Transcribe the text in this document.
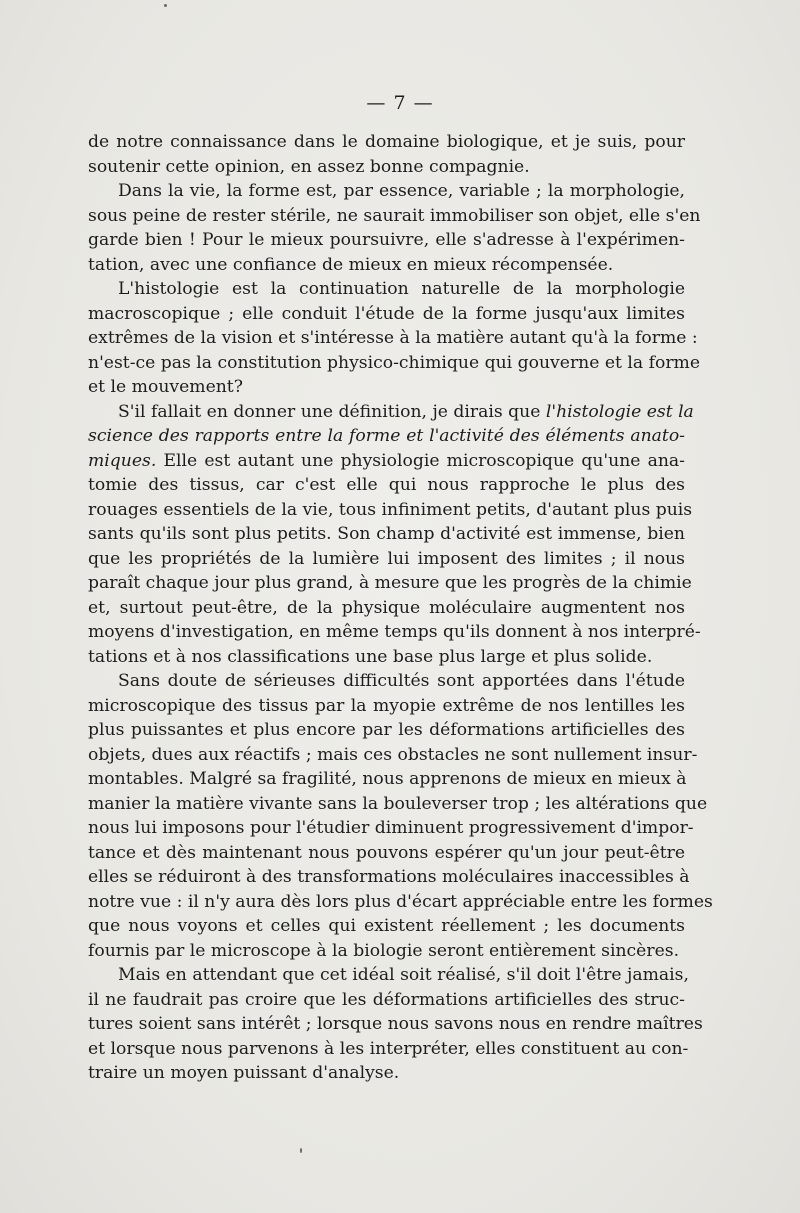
— 7 —
de notre connaissance dans le domaine biologique, et je suis, pour
soutenir cette opinion, en assez bonne compagnie.
Dans la vie, la forme est, par essence, variable ; la morphologie,
sous peine de rester stérile, ne saurait immobiliser son objet, elle s'en
garde bien ! Pour le mieux poursuivre, elle s'adresse à l'expérimen-
tation, avec une confiance de mieux en mieux récompensée.
L'histologie est la continuation naturelle de la morphologie
macroscopique ; elle conduit l'étude de la forme jusqu'aux limites
extrêmes de la vision et s'intéresse à la matière autant qu'à la forme :
n'est-ce pas la constitution physico-chimique qui gouverne et la forme
et le mouvement?
S'il fallait en donner une définition, je dirais que l'histologie est la
science des rapports entre la forme et l'activité des éléments anato-
miques. Elle est autant une physiologie microscopique qu'une ana-
tomie des tissus, car c'est elle qui nous rapproche le plus des
rouages essentiels de la vie, tous infiniment petits, d'autant plus puis
sants qu'ils sont plus petits. Son champ d'activité est immense, bien
que les propriétés de la lumière lui imposent des limites ; il nous
paraît chaque jour plus grand, à mesure que les progrès de la chimie
et, surtout peut-être, de la physique moléculaire augmentent nos
moyens d'investigation, en même temps qu'ils donnent à nos interpré-
tations et à nos classifications une base plus large et plus solide.
Sans doute de sérieuses difficultés sont apportées dans l'étude
microscopique des tissus par la myopie extrême de nos lentilles les
plus puissantes et plus encore par les déformations artificielles des
objets, dues aux réactifs ; mais ces obstacles ne sont nullement insur-
montables. Malgré sa fragilité, nous apprenons de mieux en mieux à
manier la matière vivante sans la bouleverser trop ; les altérations que
nous lui imposons pour l'étudier diminuent progressivement d'impor-
tance et dès maintenant nous pouvons espérer qu'un jour peut-être
elles se réduiront à des transformations moléculaires inaccessibles à
notre vue : il n'y aura dès lors plus d'écart appréciable entre les formes
que nous voyons et celles qui existent réellement ; les documents
fournis par le microscope à la biologie seront entièrement sincères.
Mais en attendant que cet idéal soit réalisé, s'il doit l'être jamais,
il ne faudrait pas croire que les déformations artificielles des struc-
tures soient sans intérêt ; lorsque nous savons nous en rendre maîtres
et lorsque nous parvenons à les interpréter, elles constituent au con-
traire un moyen puissant d'analyse.
